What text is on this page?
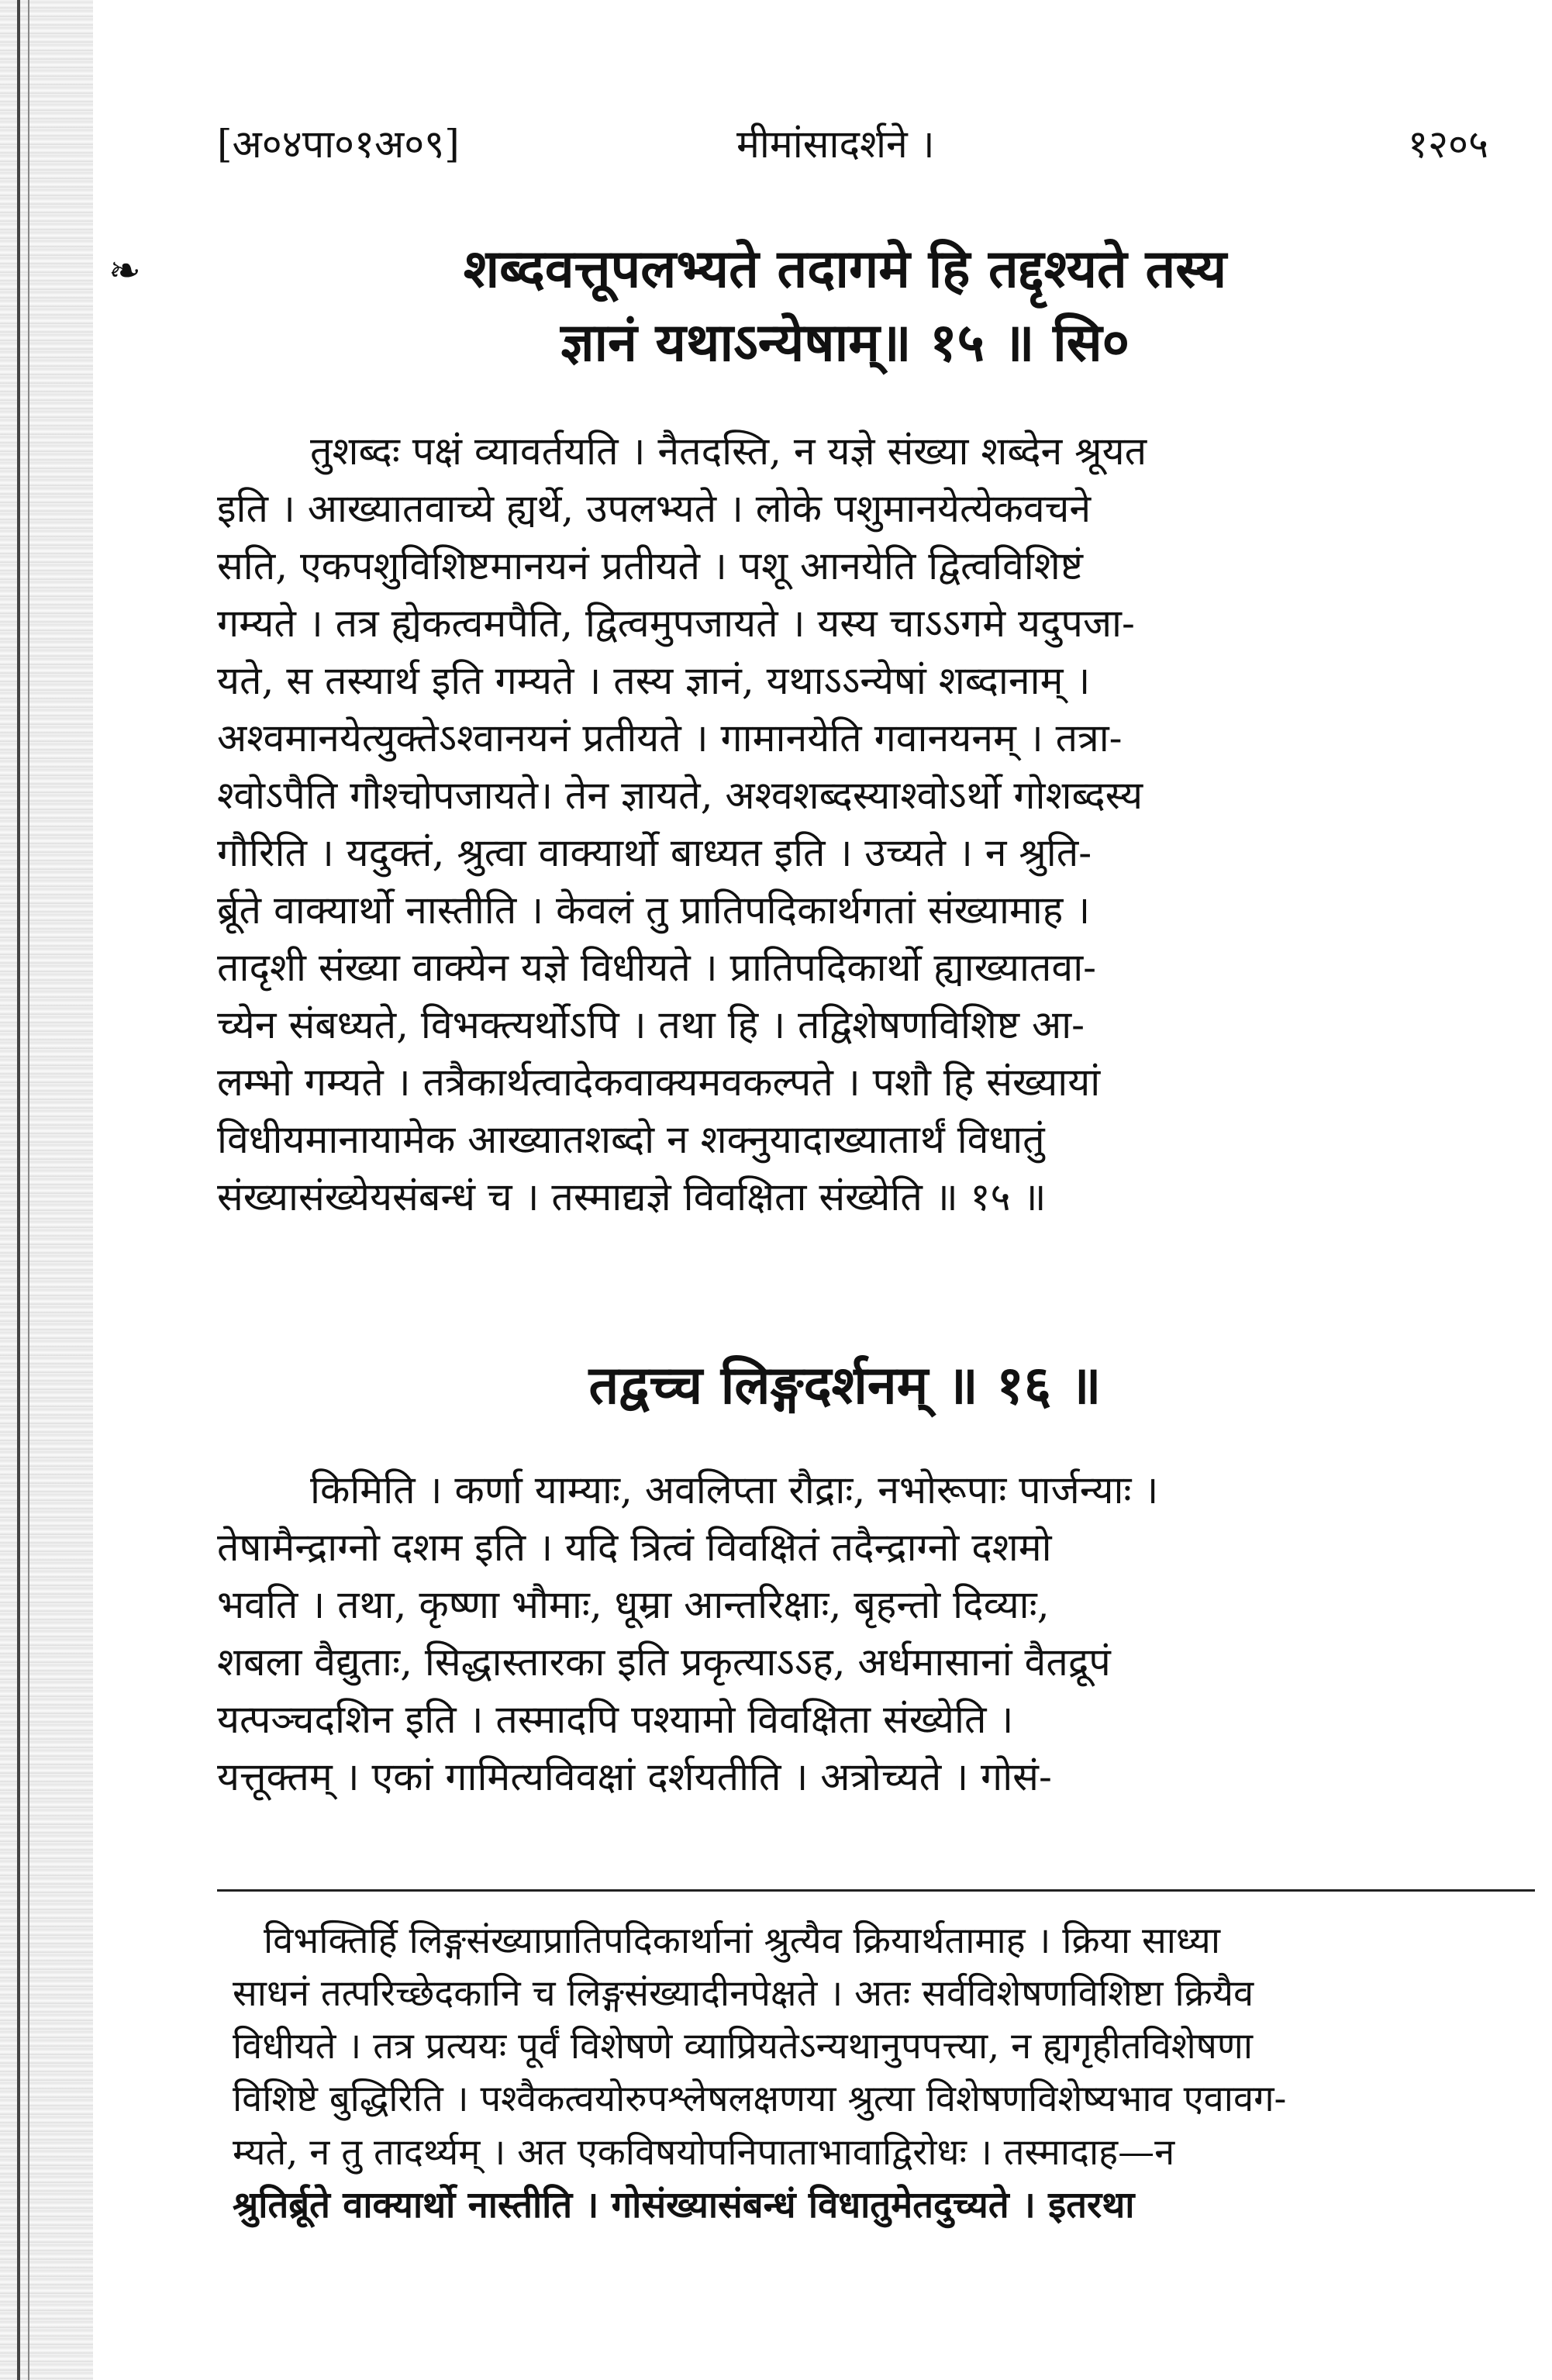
[अ०४पा०१अ०९]	मीमांसादर्शने ।	१२०५
❧	शब्दवत्तूपलभ्यते तदागमे हि तद्दृश्यते तस्य
ज्ञानं यथाऽन्येषाम्॥ १५ ॥ सि०
तुशब्दः पक्षं व्यावर्तयति । नैतदस्ति, न यज्ञे संख्या शब्देन श्रूयत
इति । आख्यातवाच्ये ह्यर्थे, उपलभ्यते । लोके पशुमानयेत्येकवचने
सति, एकपशुविशिष्टमानयनं प्रतीयते । पशू आनयेति द्वित्वविशिष्टं
गम्यते । तत्र ह्येकत्वमपैति, द्वित्वमुपजायते । यस्य चाऽऽगमे यदुपजा-
यते, स तस्यार्थ इति गम्यते । तस्य ज्ञानं, यथाऽऽन्येषां शब्दानाम् ।
अश्वमानयेत्युक्तेऽश्वानयनं प्रतीयते । गामानयेति गवानयनम् । तत्रा-
श्वोऽपैति गौश्चोपजायते। तेन ज्ञायते, अश्वशब्दस्याश्वोऽर्थो गोशब्दस्य
गौरिति । यदुक्तं, श्रुत्वा वाक्यार्थो बाध्यत इति । उच्यते । न श्रुति-
र्ब्रूते वाक्यार्थो नास्तीति । केवलं तु प्रातिपदिकार्थगतां संख्यामाह ।
तादृशी संख्या वाक्येन यज्ञे विधीयते । प्रातिपदिकार्थो ह्याख्यातवा-
च्येन संबध्यते, विभक्त्यर्थोऽपि । तथा हि । तद्विशेषणविशिष्ट आ-
लम्भो गम्यते । तत्रैकार्थत्वादेकवाक्यमवकल्पते । पशौ हि संख्यायां
विधीयमानायामेक आख्यातशब्दो न शक्नुयादाख्यातार्थं विधातुं
संख्यासंख्येयसंबन्धं च । तस्माद्यज्ञे विवक्षिता संख्येति ॥ १५ ॥
तद्वच्च लिङ्गदर्शनम् ॥ १६ ॥
किमिति । कर्णा याम्याः, अवलिप्ता रौद्राः, नभोरूपाः पार्जन्याः ।
तेषामैन्द्राग्नो दशम इति । यदि त्रित्वं विवक्षितं तदैन्द्राग्नो दशमो
भवति । तथा, कृष्णा भौमाः, धूम्रा आन्तरिक्षाः, बृहन्तो दिव्याः,
शबला वैद्युताः, सिद्धास्तारका इति प्रकृत्याऽऽह, अर्धमासानां वैतद्रूपं
यत्पञ्चदशिन इति । तस्मादपि पश्यामो विवक्षिता संख्येति ।
यत्तूक्तम् । एकां गामित्यविवक्षां दर्शयतीति । अत्रोच्यते । गोसं-
विभक्तिर्हि लिङ्गसंख्याप्रातिपदिकार्थानां श्रुत्यैव क्रियार्थतामाह । क्रिया साध्या
साधनं तत्परिच्छेदकानि च लिङ्गसंख्यादीनपेक्षते । अतः सर्वविशेषणविशिष्टा क्रियैव
विधीयते । तत्र प्रत्ययः पूर्वं विशेषणे व्याप्रियतेऽन्यथानुपपत्त्या, न ह्यगृहीतविशेषणा
विशिष्टे बुद्धिरिति । पश्वैकत्वयोरुपश्लेषलक्षणया श्रुत्या विशेषणविशेष्यभाव एवावग-
म्यते, न तु तादर्थ्यम् । अत एकविषयोपनिपाताभावाद्विरोधः । तस्मादाह—न
श्रुतिर्ब्रूते वाक्यार्थो नास्तीति । गोसंख्यासंबन्धं विधातुमेतदुच्यते । इतरथा
